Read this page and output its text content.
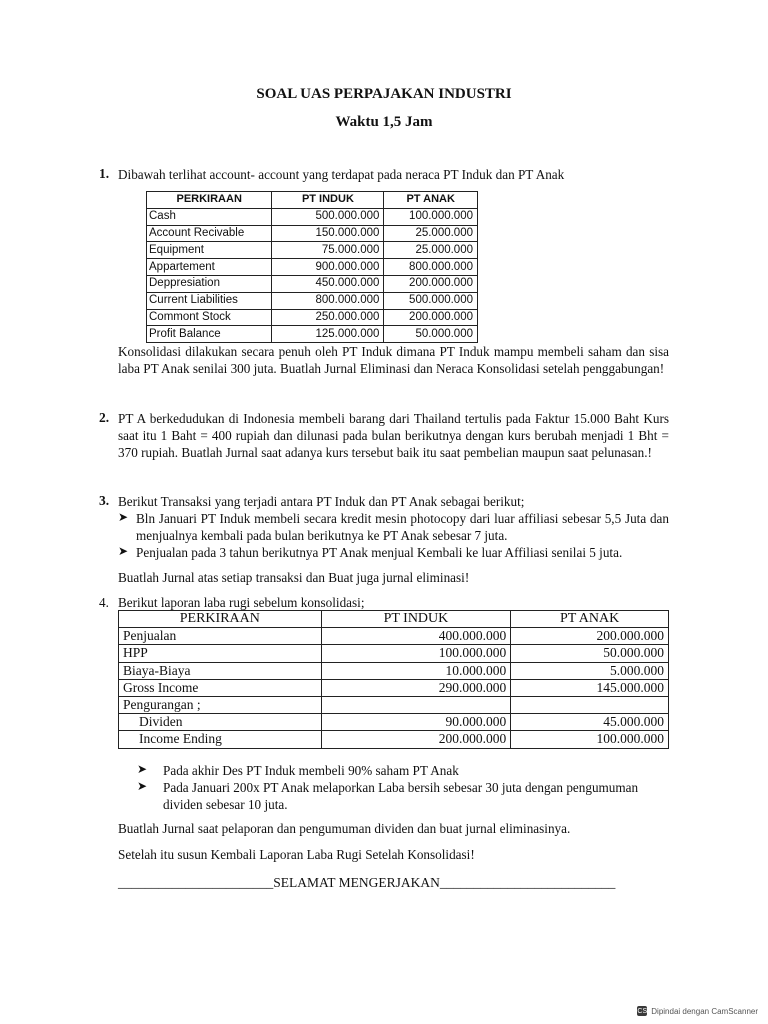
SOAL UAS PERPAJAKAN INDUSTRI
Waktu 1,5 Jam
1. Dibawah terlihat account- account yang terdapat pada neraca PT Induk dan PT Anak
PERKIRAAN	PT INDUK	PT ANAK
Cash	500.000.000	100.000.000
Account Recivable	150.000.000	25.000.000
Equipment	75.000.000	25.000.000
Appartement	900.000.000	800.000.000
Deppresiation	450.000.000	200.000.000
Current Liabilities	800.000.000	500.000.000
Commont Stock	250.000.000	200.000.000
Profit Balance	125.000.000	50.000.000
Konsolidasi dilakukan secara penuh oleh PT Induk dimana PT Induk mampu membeli saham dan sisa laba PT Anak senilai 300 juta. Buatlah Jurnal Eliminasi dan Neraca Konsolidasi setelah penggabungan!
2. PT A berkedudukan di Indonesia membeli barang dari Thailand tertulis pada Faktur 15.000 Baht Kurs saat itu 1 Baht = 400 rupiah dan dilunasi pada bulan berikutnya dengan kurs berubah menjadi 1 Bht = 370 rupiah. Buatlah Jurnal saat adanya kurs tersebut baik itu saat pembelian maupun saat pelunasan.!
3. Berikut Transaksi yang terjadi antara PT Induk dan PT Anak sebagai berikut;
➤ Bln Januari PT Induk membeli secara kredit mesin photocopy dari luar affiliasi sebesar 5,5 Juta dan menjualnya kembali pada bulan berikutnya ke PT Anak sebesar 7 juta.
➤ Penjualan pada 3 tahun berikutnya PT Anak menjual Kembali ke luar Affiliasi senilai 5 juta.
Buatlah Jurnal atas setiap transaksi dan Buat juga jurnal eliminasi!
4. Berikut laporan laba rugi sebelum konsolidasi;
PERKIRAAN	PT INDUK	PT ANAK
Penjualan	400.000.000	200.000.000
HPP	100.000.000	50.000.000
Biaya-Biaya	10.000.000	5.000.000
Gross Income	290.000.000	145.000.000
Pengurangan ;		
Dividen	90.000.000	45.000.000
Income Ending	200.000.000	100.000.000
➤ Pada akhir Des PT Induk membeli 90% saham PT Anak
➤ Pada Januari 200x PT Anak melaporkan Laba bersih sebesar 30 juta dengan pengumuman dividen sebesar 10 juta.
Buatlah Jurnal saat pelaporan dan pengumuman dividen dan buat jurnal eliminasinya.
Setelah itu susun Kembali Laporan Laba Rugi Setelah Konsolidasi!
_______________________SELAMAT MENGERJAKAN__________________________
CS Dipindai dengan CamScanner
